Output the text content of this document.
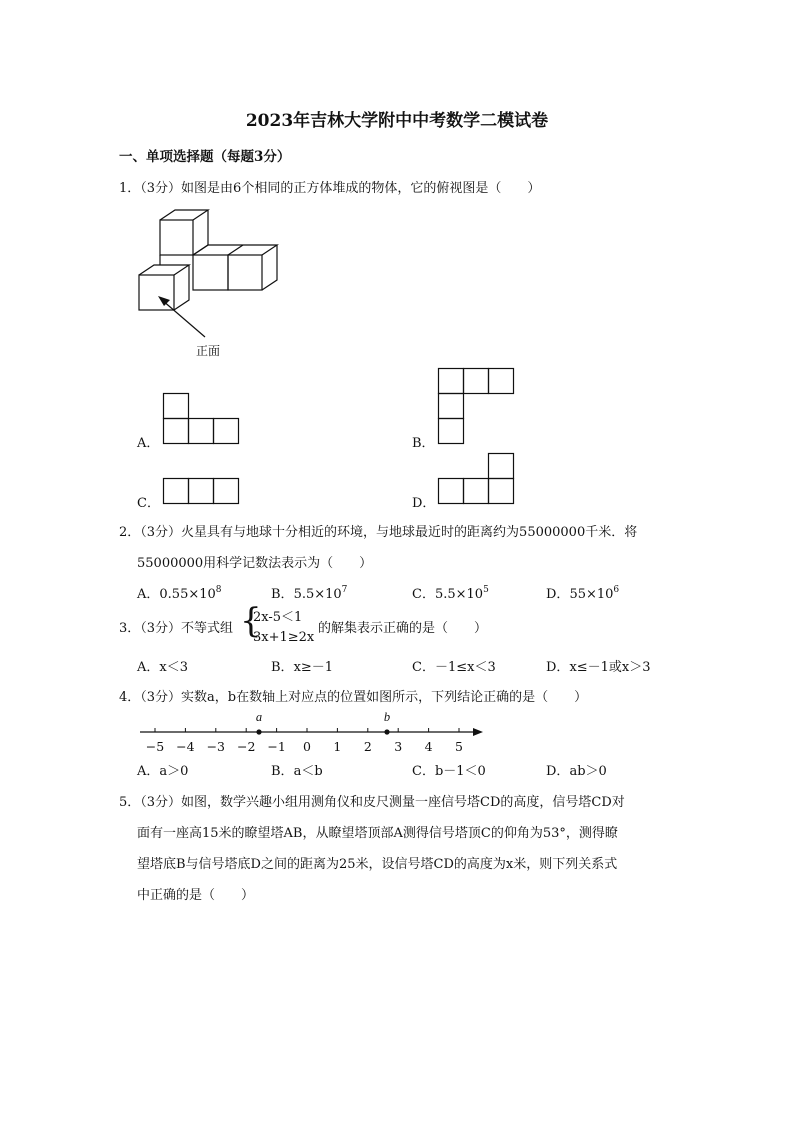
2023年吉林大学附中中考数学二模试卷
一、单项选择题（每题3分）
1．（3分）如图是由6个相同的正方体堆成的物体，它的俯视图是（　　）
正面
A．	B．
C．	D．
2．（3分）火星具有与地球十分相近的环境，与地球最近时的距离约为55000000千米．将
55000000用科学记数法表示为（　　）
A．$0.55\times 10^8$	B．$5.5\times 10^7$	C．$5.5\times 10^5$	D．$55\times 10^6$
3．（3分）不等式组 {
2x-5＜1
3x+1≥2x
的解集表示正确的是（　　）
A．x＜3	B．x≥－1	C．－1≤x＜3	D．x≤－1或x＞3
4．（3分）实数a，b在数轴上对应点的位置如图所示，下列结论正确的是（　　）
−5 −4 −3 −2 −1 0 1 2 3 4 5
a	b
A．a＞0	B．a＜b	C．b－1＜0	D．ab＞0
5．（3分）如图，数学兴趣小组用测角仪和皮尺测量一座信号塔CD的高度，信号塔CD对
面有一座高15米的瞭望塔AB，从瞭望塔顶部A测得信号塔顶C的仰角为53°，测得瞭
望塔底B与信号塔底D之间的距离为25米，设信号塔CD的高度为x米，则下列关系式
中正确的是（　　）
